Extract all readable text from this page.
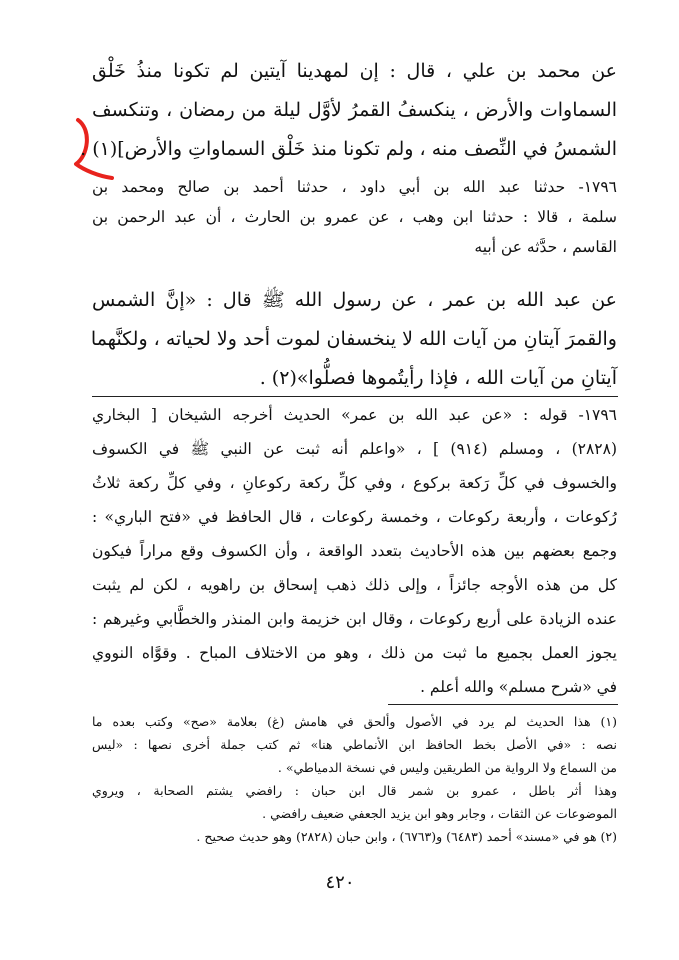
عن محمد بن علي ، قال : إن لمهدينا آيتين لم تكونا منذُ خَلْق
السماوات والأرض ، ينكسفُ القمرُ لأوَّل ليلة من رمضان ، وتنكسف
الشمسُ في النِّصف منه ، ولم تكونا منذ خَلْق السماواتِ والأرض](١) .
١٧٩٦- حدثنا عبد الله بن أبي داود ، حدثنا أحمد بن صالح ومحمد بن
سلمة ، قالا : حدثنا ابن وهب ، عن عمرو بن الحارث ، أن عبد الرحمن بن
القاسم ، حدَّثه عن أبيه
عن عبد الله بن عمر ، عن رسول الله ﷺ قال : «إنَّ الشمس
والقمرَ آيتانِ من آيات الله لا ينخسفان لموت أحد ولا لحياته ، ولكنَّهما
آيتانِ من آيات الله ، فإذا رأيتُموها فصلُّوا»(٢) .
١٧٩٦- قوله : «عن عبد الله بن عمر» الحديث أخرجه الشيخان [ البخاري
(٢٨٢٨) ، ومسلم (٩١٤) ] ، «واعلم أنه ثبت عن النبي ﷺ في الكسوف
والخسوف في كلِّ رَكعة بركوع ، وفي كلِّ ركعة ركوعانِ ، وفي كلِّ ركعة ثلاثُ
رُكوعات ، وأربعة ركوعات ، وخمسة ركوعات ، قال الحافظ في «فتح الباري» :
وجمع بعضهم بين هذه الأحاديث بتعدد الواقعة ، وأن الكسوف وقع مراراً فيكون
كل من هذه الأوجه جائزاً ، وإلى ذلك ذهب إسحاق بن راهويه ، لكن لم يثبت
عنده الزيادة على أربع ركوعات ، وقال ابن خزيمة وابن المنذر والخطَّابي وغيرهم :
يجوز العمل بجميع ما ثبت من ذلك ، وهو من الاختلاف المباح . وقوَّاه النووي
في «شرح مسلم» والله أعلم .
(١) هذا الحديث لم يرد في الأصول وألحق في هامش (غ) بعلامة «صح» وكتب بعده ما
نصه : «في الأصل بخط الحافظ ابن الأنماطي هنا» ثم كتب جملة أخرى نصها : «ليس
من السماع ولا الرواية من الطريقين وليس في نسخة الدمياطي» .
وهذا أثر باطل ، عمرو بن شمر قال ابن حبان : رافضي يشتم الصحابة ، ويروي
الموضوعات عن الثقات ، وجابر وهو ابن يزيد الجعفي ضعيف رافضي .
(٢) هو في «مسند» أحمد (٦٤٨٣) و(٦٧٦٣) ، وابن حبان (٢٨٢٨) وهو حديث صحيح .
٤٢٠
